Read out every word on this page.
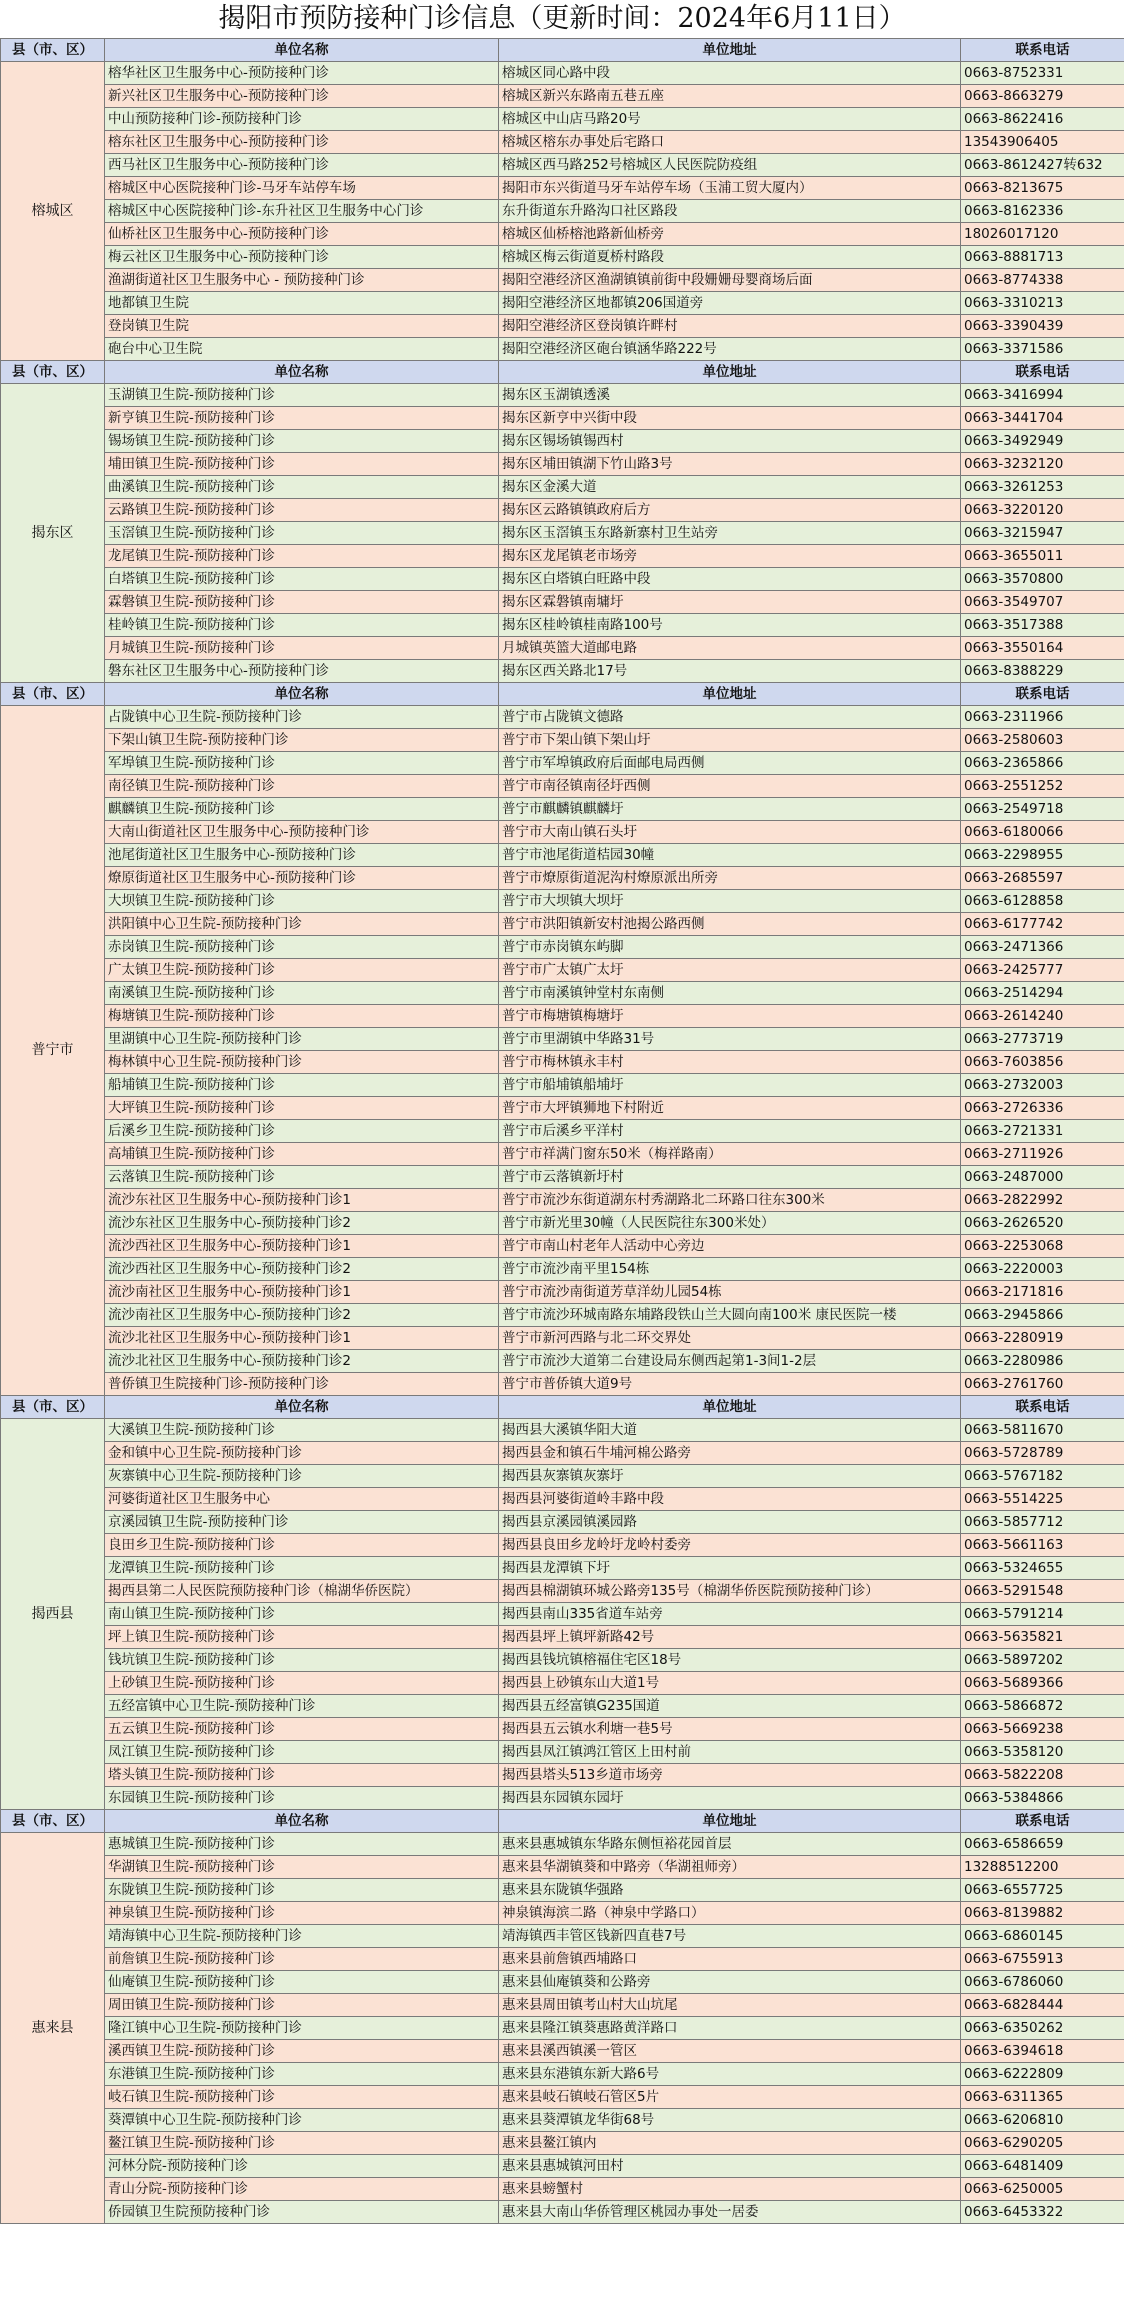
揭阳市预防接种门诊信息（更新时间：2024年6月11日）
县（市、区）	单位名称	单位地址	联系电话
榕城区	榕华社区卫生服务中心-预防接种门诊	榕城区同心路中段	0663-8752331
	新兴社区卫生服务中心-预防接种门诊	榕城区新兴东路南五巷五座	0663-8663279
	中山预防接种门诊-预防接种门诊	榕城区中山店马路20号	0663-8622416
	榕东社区卫生服务中心-预防接种门诊	榕城区榕东办事处后宅路口	13543906405
	西马社区卫生服务中心-预防接种门诊	榕城区西马路252号榕城区人民医院防疫组	0663-8612427转632
	榕城区中心医院接种门诊-马牙车站停车场	揭阳市东兴街道马牙车站停车场（玉浦工贸大厦内）	0663-8213675
	榕城区中心医院接种门诊-东升社区卫生服务中心门诊	东升街道东升路沟口社区路段	0663-8162336
	仙桥社区卫生服务中心-预防接种门诊	榕城区仙桥榕池路新仙桥旁	18026017120
	梅云社区卫生服务中心-预防接种门诊	榕城区梅云街道夏桥村路段	0663-8881713
	渔湖街道社区卫生服务中心 - 预防接种门诊	揭阳空港经济区渔湖镇镇前街中段姗姗母婴商场后面	0663-8774338
	地都镇卫生院	揭阳空港经济区地都镇206国道旁	0663-3310213
	登岗镇卫生院	揭阳空港经济区登岗镇许畔村	0663-3390439
	砲台中心卫生院	揭阳空港经济区砲台镇涵华路222号	0663-3371586
县（市、区）	单位名称	单位地址	联系电话
揭东区	玉湖镇卫生院-预防接种门诊	揭东区玉湖镇透溪	0663-3416994
	新亨镇卫生院-预防接种门诊	揭东区新亨中兴街中段	0663-3441704
	锡场镇卫生院-预防接种门诊	揭东区锡场镇锡西村	0663-3492949
	埔田镇卫生院-预防接种门诊	揭东区埔田镇湖下竹山路3号	0663-3232120
	曲溪镇卫生院-预防接种门诊	揭东区金溪大道	0663-3261253
	云路镇卫生院-预防接种门诊	揭东区云路镇镇政府后方	0663-3220120
	玉滘镇卫生院-预防接种门诊	揭东区玉滘镇玉东路新寨村卫生站旁	0663-3215947
	龙尾镇卫生院-预防接种门诊	揭东区龙尾镇老市场旁	0663-3655011
	白塔镇卫生院-预防接种门诊	揭东区白塔镇白旺路中段	0663-3570800
	霖磐镇卫生院-预防接种门诊	揭东区霖磐镇南墉圩	0663-3549707
	桂岭镇卫生院-预防接种门诊	揭东区桂岭镇桂南路100号	0663-3517388
	月城镇卫生院-预防接种门诊	月城镇英篮大道邮电路	0663-3550164
	磐东社区卫生服务中心-预防接种门诊	揭东区西关路北17号	0663-8388229
县（市、区）	单位名称	单位地址	联系电话
普宁市	占陇镇中心卫生院-预防接种门诊	普宁市占陇镇文德路	0663-2311966
	下架山镇卫生院-预防接种门诊	普宁市下架山镇下架山圩	0663-2580603
	军埠镇卫生院-预防接种门诊	普宁市军埠镇政府后面邮电局西侧	0663-2365866
	南径镇卫生院-预防接种门诊	普宁市南径镇南径圩西侧	0663-2551252
	麒麟镇卫生院-预防接种门诊	普宁市麒麟镇麒麟圩	0663-2549718
	大南山街道社区卫生服务中心-预防接种门诊	普宁市大南山镇石头圩	0663-6180066
	池尾街道社区卫生服务中心-预防接种门诊	普宁市池尾街道桔园30幢	0663-2298955
	燎原街道社区卫生服务中心-预防接种门诊	普宁市燎原街道泥沟村燎原派出所旁	0663-2685597
	大坝镇卫生院-预防接种门诊	普宁市大坝镇大坝圩	0663-6128858
	洪阳镇中心卫生院-预防接种门诊	普宁市洪阳镇新安村池揭公路西侧	0663-6177742
	赤岗镇卫生院-预防接种门诊	普宁市赤岗镇东屿脚	0663-2471366
	广太镇卫生院-预防接种门诊	普宁市广太镇广太圩	0663-2425777
	南溪镇卫生院-预防接种门诊	普宁市南溪镇钟堂村东南侧	0663-2514294
	梅塘镇卫生院-预防接种门诊	普宁市梅塘镇梅塘圩	0663-2614240
	里湖镇中心卫生院-预防接种门诊	普宁市里湖镇中华路31号	0663-2773719
	梅林镇中心卫生院-预防接种门诊	普宁市梅林镇永丰村	0663-7603856
	船埔镇卫生院-预防接种门诊	普宁市船埔镇船埔圩	0663-2732003
	大坪镇卫生院-预防接种门诊	普宁市大坪镇狮地下村附近	0663-2726336
	后溪乡卫生院-预防接种门诊	普宁市后溪乡平洋村	0663-2721331
	高埔镇卫生院-预防接种门诊	普宁市祥满门窗东50米（梅祥路南）	0663-2711926
	云落镇卫生院-预防接种门诊	普宁市云落镇新圩村	0663-2487000
	流沙东社区卫生服务中心-预防接种门诊1	普宁市流沙东街道湖东村秀湖路北二环路口往东300米	0663-2822992
	流沙东社区卫生服务中心-预防接种门诊2	普宁市新光里30幢（人民医院往东300米处）	0663-2626520
	流沙西社区卫生服务中心-预防接种门诊1	普宁市南山村老年人活动中心旁边	0663-2253068
	流沙西社区卫生服务中心-预防接种门诊2	普宁市流沙南平里154栋	0663-2220003
	流沙南社区卫生服务中心-预防接种门诊1	普宁市流沙南街道芳草洋幼儿园54栋	0663-2171816
	流沙南社区卫生服务中心-预防接种门诊2	普宁市流沙环城南路东埔路段铁山兰大圆向南100米 康民医院一楼	0663-2945866
	流沙北社区卫生服务中心-预防接种门诊1	普宁市新河西路与北二环交界处	0663-2280919
	流沙北社区卫生服务中心-预防接种门诊2	普宁市流沙大道第二台建设局东侧西起第1-3间1-2层	0663-2280986
	普侨镇卫生院接种门诊-预防接种门诊	普宁市普侨镇大道9号	0663-2761760
县（市、区）	单位名称	单位地址	联系电话
揭西县	大溪镇卫生院-预防接种门诊	揭西县大溪镇华阳大道	0663-5811670
	金和镇中心卫生院-预防接种门诊	揭西县金和镇石牛埔河棉公路旁	0663-5728789
	灰寨镇中心卫生院-预防接种门诊	揭西县灰寨镇灰寨圩	0663-5767182
	河婆街道社区卫生服务中心	揭西县河婆街道岭丰路中段	0663-5514225
	京溪园镇卫生院-预防接种门诊	揭西县京溪园镇溪园路	0663-5857712
	良田乡卫生院-预防接种门诊	揭西县良田乡龙岭圩龙岭村委旁	0663-5661163
	龙潭镇卫生院-预防接种门诊	揭西县龙潭镇下圩	0663-5324655
	揭西县第二人民医院预防接种门诊（棉湖华侨医院）	揭西县棉湖镇环城公路旁135号（棉湖华侨医院预防接种门诊）	0663-5291548
	南山镇卫生院-预防接种门诊	揭西县南山335省道车站旁	0663-5791214
	坪上镇卫生院-预防接种门诊	揭西县坪上镇坪新路42号	0663-5635821
	钱坑镇卫生院-预防接种门诊	揭西县钱坑镇榕福住宅区18号	0663-5897202
	上砂镇卫生院-预防接种门诊	揭西县上砂镇东山大道1号	0663-5689366
	五经富镇中心卫生院-预防接种门诊	揭西县五经富镇G235国道	0663-5866872
	五云镇卫生院-预防接种门诊	揭西县五云镇水利塘一巷5号	0663-5669238
	凤江镇卫生院-预防接种门诊	揭西县凤江镇鸿江管区上田村前	0663-5358120
	塔头镇卫生院-预防接种门诊	揭西县塔头513乡道市场旁	0663-5822208
	东园镇卫生院-预防接种门诊	揭西县东园镇东园圩	0663-5384866
县（市、区）	单位名称	单位地址	联系电话
惠来县	惠城镇卫生院-预防接种门诊	惠来县惠城镇东华路东侧恒裕花园首层	0663-6586659
	华湖镇卫生院-预防接种门诊	惠来县华湖镇葵和中路旁（华湖祖师旁）	13288512200
	东陇镇卫生院-预防接种门诊	惠来县东陇镇华强路	0663-6557725
	神泉镇卫生院-预防接种门诊	神泉镇海滨二路（神泉中学路口）	0663-8139882
	靖海镇中心卫生院-预防接种门诊	靖海镇西丰管区钱新四直巷7号	0663-6860145
	前詹镇卫生院-预防接种门诊	惠来县前詹镇西埔路口	0663-6755913
	仙庵镇卫生院-预防接种门诊	惠来县仙庵镇葵和公路旁	0663-6786060
	周田镇卫生院-预防接种门诊	惠来县周田镇考山村大山坑尾	0663-6828444
	隆江镇中心卫生院-预防接种门诊	惠来县隆江镇葵惠路黄洋路口	0663-6350262
	溪西镇卫生院-预防接种门诊	惠来县溪西镇溪一管区	0663-6394618
	东港镇卫生院-预防接种门诊	惠来县东港镇东新大路6号	0663-6222809
	岐石镇卫生院-预防接种门诊	惠来县岐石镇岐石管区5片	0663-6311365
	葵潭镇中心卫生院-预防接种门诊	惠来县葵潭镇龙华街68号	0663-6206810
	鳌江镇卫生院-预防接种门诊	惠来县鳌江镇内	0663-6290205
	河林分院-预防接种门诊	惠来县惠城镇河田村	0663-6481409
	青山分院-预防接种门诊	惠来县螃蟹村	0663-6250005
	侨园镇卫生院预防接种门诊	惠来县大南山华侨管理区桃园办事处一居委	0663-6453322
